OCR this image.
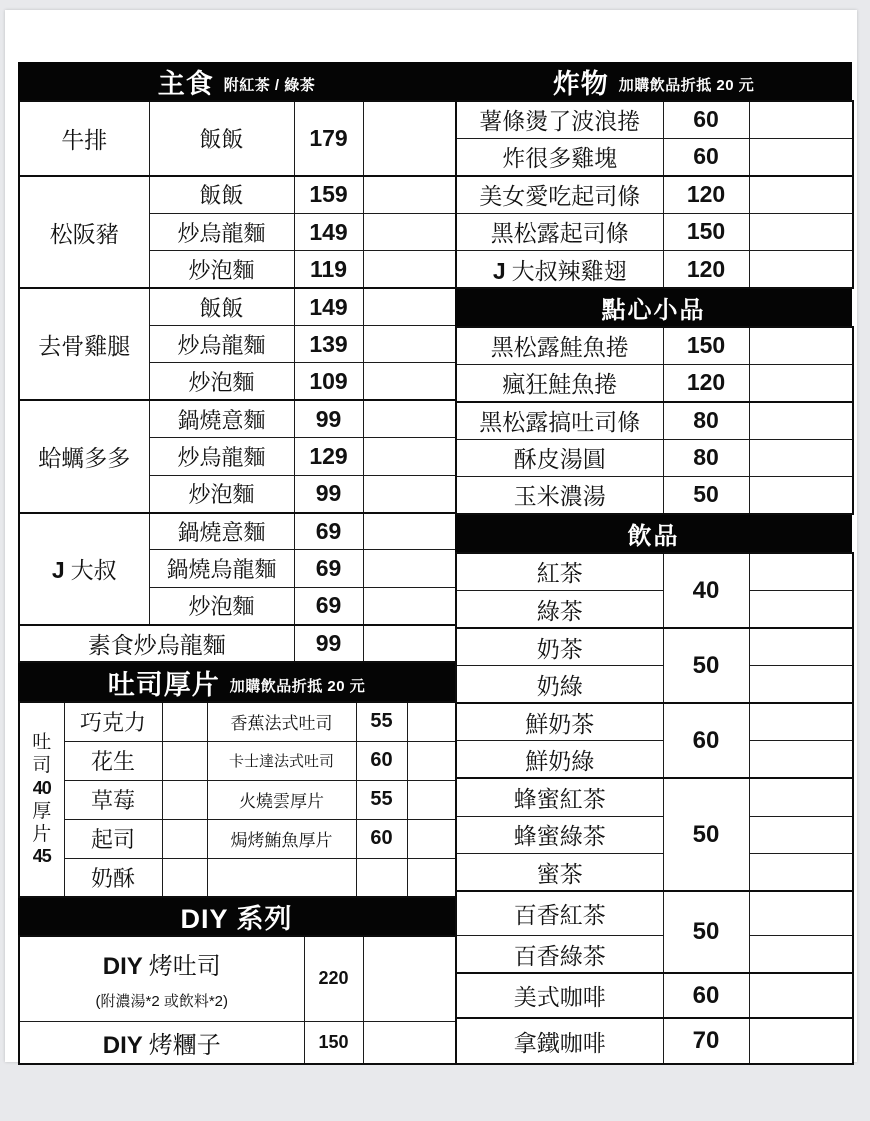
主食 附紅茶 / 綠茶
牛排	飯飯	179	
松阪豬	飯飯	159	
	炒烏龍麵	149	
	炒泡麵	119	
去骨雞腿	飯飯	149	
	炒烏龍麵	139	
	炒泡麵	109	
蛤蠣多多	鍋燒意麵	99	
	炒烏龍麵	129	
	炒泡麵	99	
J 大叔	鍋燒意麵	69	
	鍋燒烏龍麵	69	
	炒泡麵	69	
素食炒烏龍麵		99	
吐司厚片 加購飲品折抵 20 元
吐
司
40
厚
片
45
	巧克力		香蕉法式吐司	55	
	花生		卡士達法式吐司	60	
	草莓		火燒雲厚片	55	
	起司		焗烤鮪魚厚片	60	
	奶酥				
DIY 系列
DIY 烤吐司
(附濃湯*2 或飲料*2)	220	

DIY 烤糰子	150	
炸物 加購飲品折抵 20 元
薯條燙了波浪捲	60	
炸很多雞塊	60	
美女愛吃起司條	120	
黑松露起司條	150	
J 大叔辣雞翅	120	
點心小品
黑松露鮭魚捲	150	
瘋狂鮭魚捲	120	
黑松露搞吐司條	80	
酥皮湯圓	80	
玉米濃湯	50	
飲品
紅茶	40	
綠茶		
奶茶	50	
奶綠		
鮮奶茶	60	
鮮奶綠		
蜂蜜紅茶	50	
蜂蜜綠茶		
蜜茶		
百香紅茶	50	
百香綠茶		
美式咖啡	60	
拿鐵咖啡	70	
